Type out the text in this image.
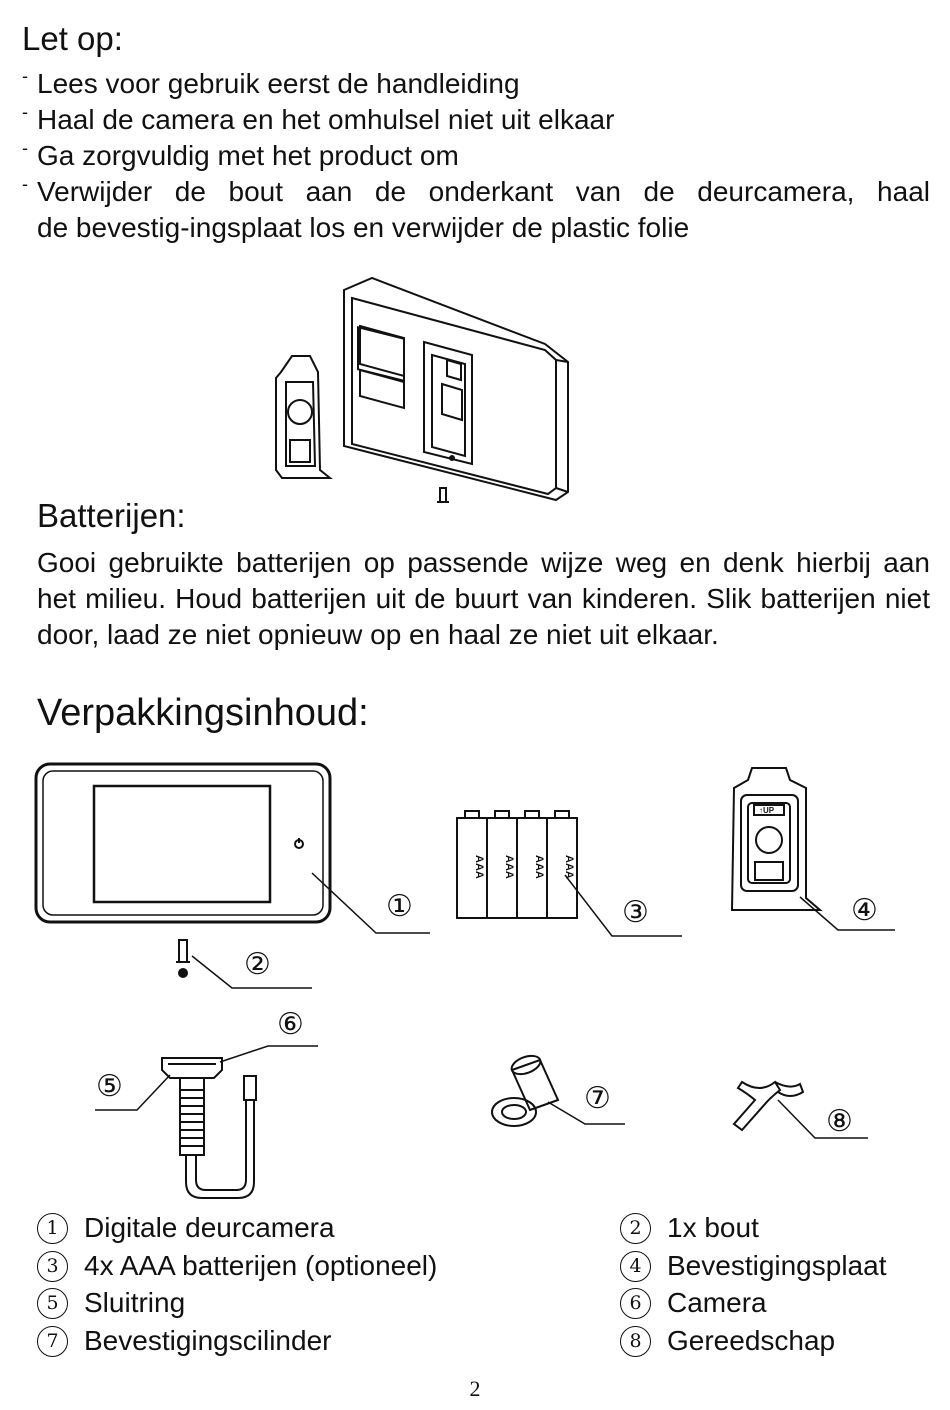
Let op:
- Lees voor gebruik eerst de handleiding
- Haal de camera en het omhulsel niet uit elkaar
- Ga zorgvuldig met het product om
- Verwijder de bout aan de onderkant van de deurcamera, haal
de bevestig-ingsplaat los en verwijder de plastic folie
Batterijen:
Gooi gebruikte batterijen op passende wijze weg en denk hierbij aan het milieu. Houd batterijen uit de buurt van kinderen. Slik batterijen niet door, laad ze niet opnieuw op en haal ze niet uit elkaar.
Verpakkingsinhoud:
AAA AAA AAA AAA
↑UP
①
②
③	④
⑤
⑥
⑦
⑧
1 Digitale deurcamera	2 1x bout
3 4x AAA batterijen (optioneel)	4 Bevestigingsplaat
5 Sluitring	6 Camera
7 Bevestigingscilinder	8 Gereedschap
2
